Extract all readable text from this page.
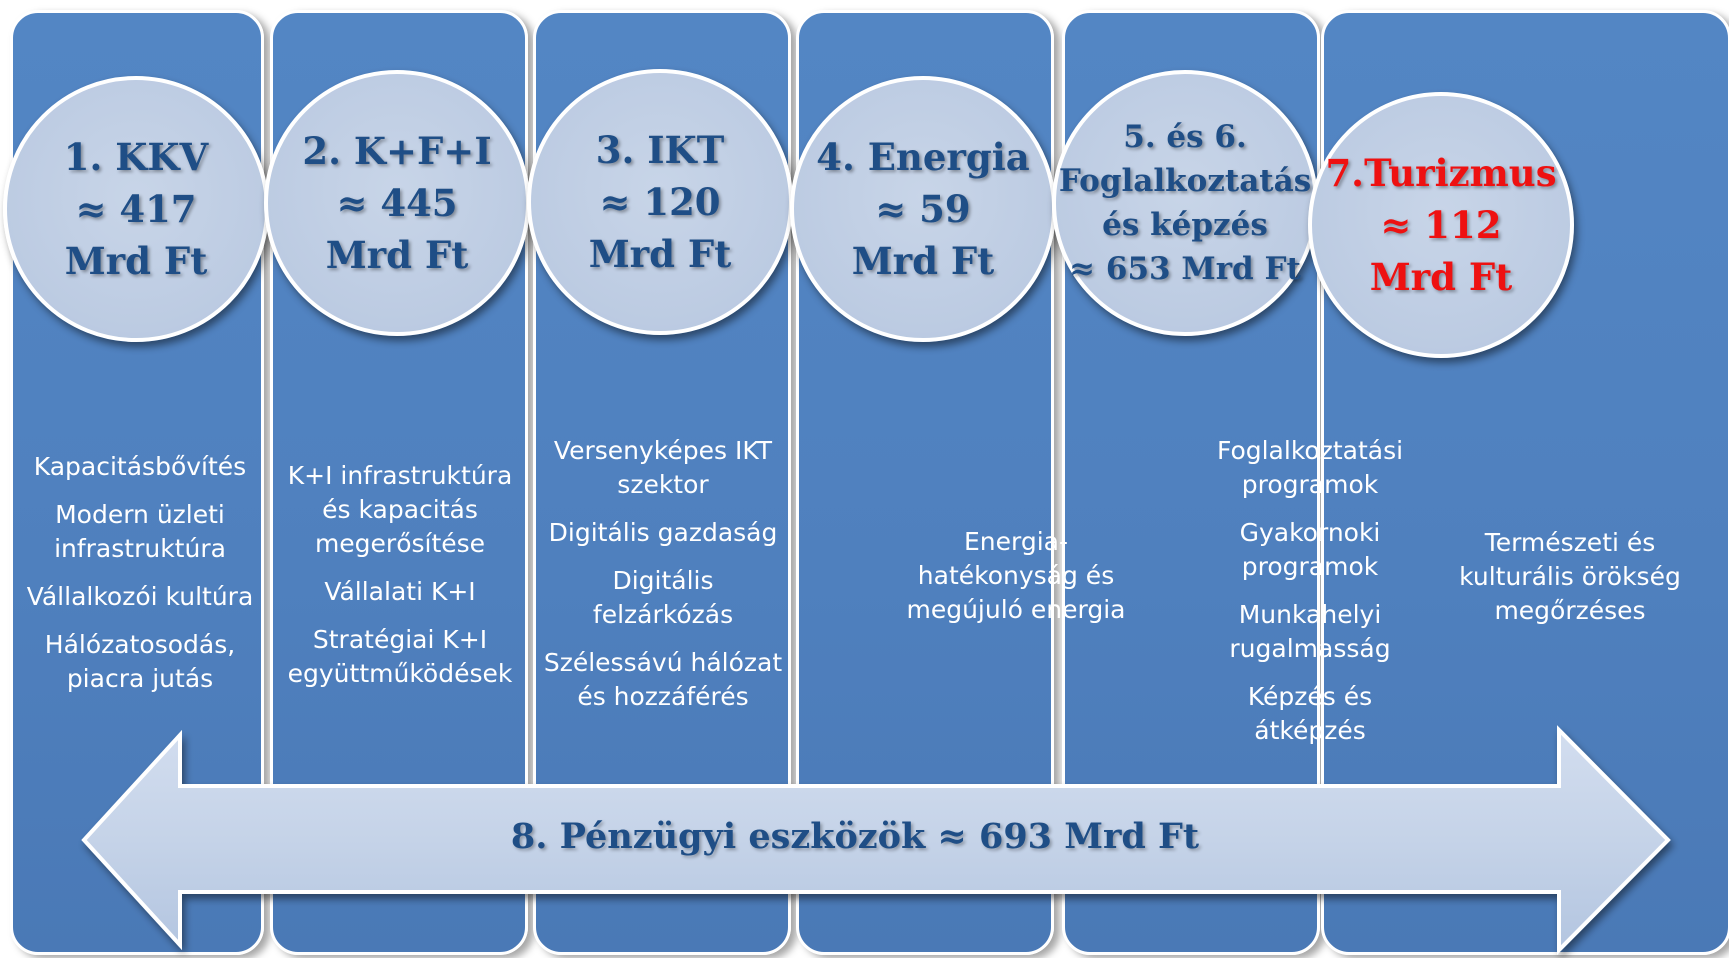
1. KKV
≈ 417
Mrd Ft
2. K+F+I
≈ 445
Mrd Ft
3. IKT
≈ 120
Mrd Ft
4. Energia
≈ 59
Mrd Ft
5. és 6.
Foglalkoztatás
és képzés
≈ 653 Mrd Ft
7.Turizmus
≈ 112
Mrd Ft

Kapacitásbővítés

Modern üzleti infrastruktúra

Vállalkozói kultúra

Hálózatosodás, piacra jutás

K+I infrastruktúra és kapacitás megerősítése

Vállalati K+I

Stratégiai K+I együttműködések

Versenyképes IKT szektor

Digitális gazdaság

Digitális felzárkózás

Szélessávú hálózat és hozzáférés

Energia-hatékonyság és megújuló energia

Foglalkoztatási programok

Gyakornoki programok

Munkahelyi rugalmasság

Képzés és átképzés

Természeti és kulturális örökség megőrzéses

8. Pénzügyi eszközök ≈ 693 Mrd Ft
